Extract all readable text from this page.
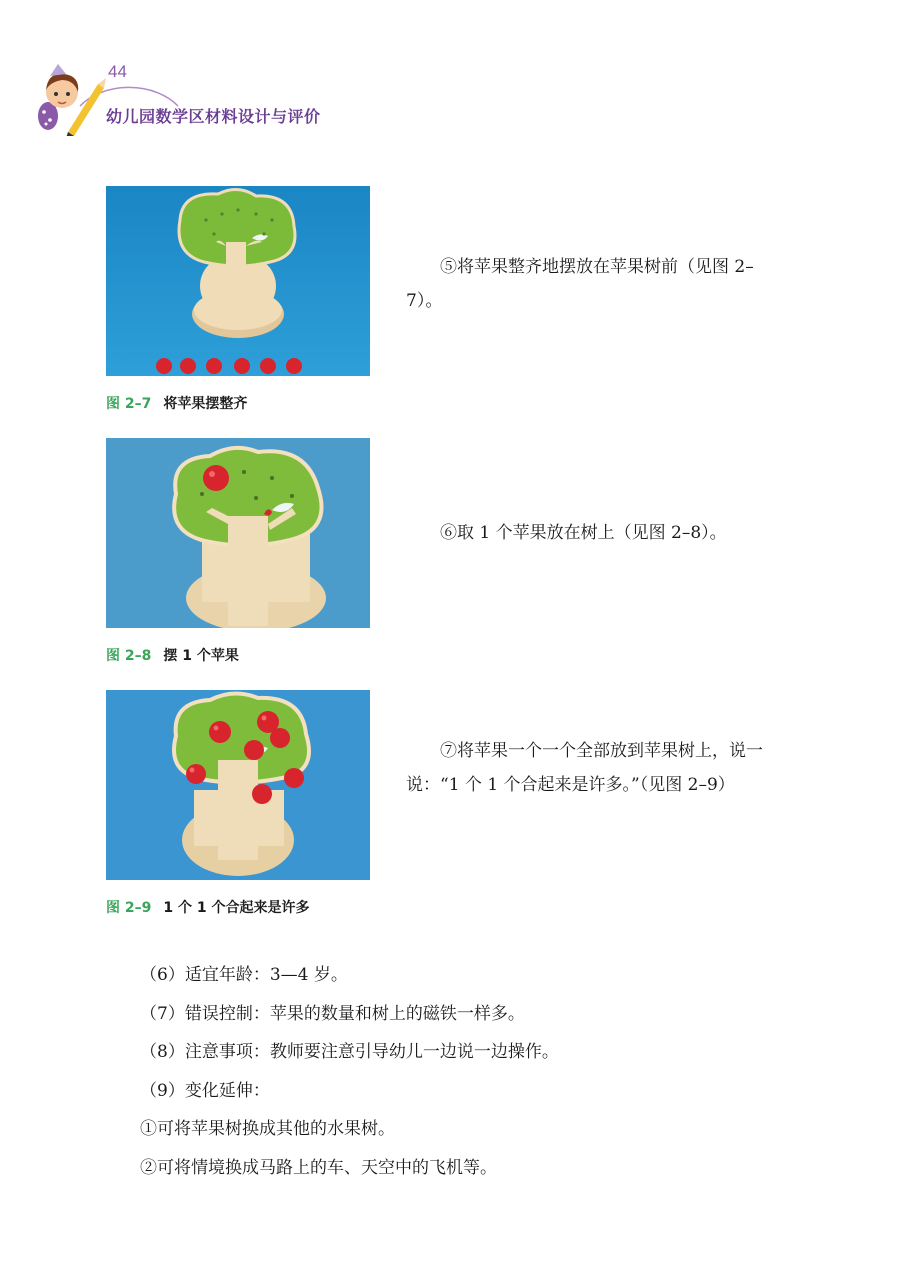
44
幼儿园数学区材料设计与评价
图 2–7 将苹果摆整齐
⑤将苹果整齐地摆放在苹果树前（见图 2–7）。
图 2–8 摆 1 个苹果
⑥取 1 个苹果放在树上（见图 2–8）。
图 2–9 1 个 1 个合起来是许多
⑦将苹果一个一个全部放到苹果树上，说一说：“1 个 1 个合起来是许多。”（见图 2–9）
（6）适宜年龄：3—4 岁。
（7）错误控制：苹果的数量和树上的磁铁一样多。
（8）注意事项：教师要注意引导幼儿一边说一边操作。
（9）变化延伸：
①可将苹果树换成其他的水果树。
②可将情境换成马路上的车、天空中的飞机等。
